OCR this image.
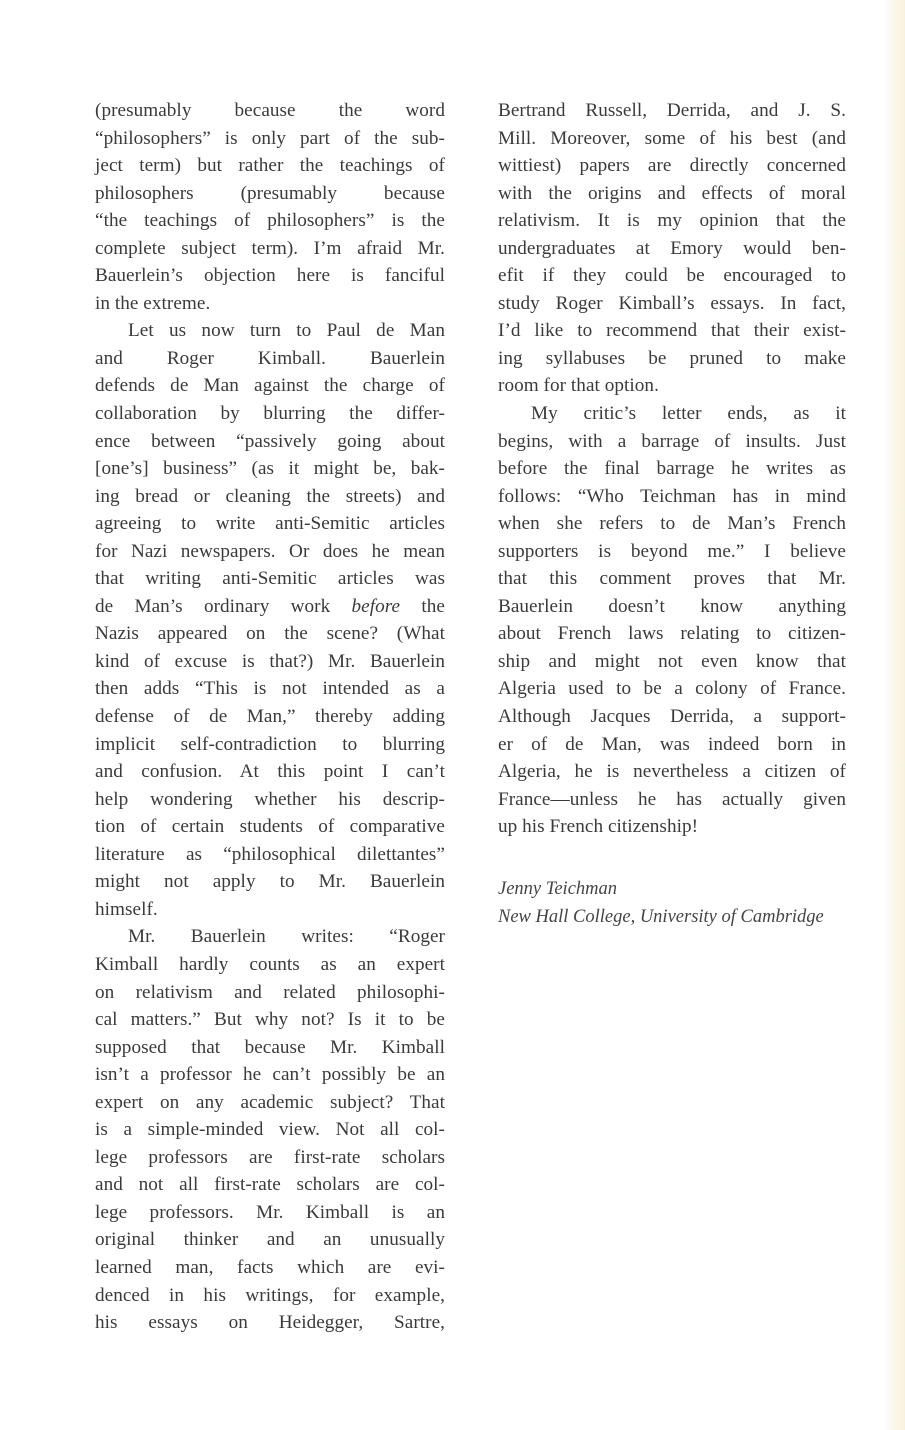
(presumably because the word
“philosophers” is only part of the sub-
ject term) but rather the teachings of
philosophers (presumably because
“the teachings of philosophers” is the
complete subject term). I’m afraid Mr.
Bauerlein’s objection here is fanciful
in the extreme.
Let us now turn to Paul de Man
and Roger Kimball. Bauerlein
defends de Man against the charge of
collaboration by blurring the differ-
ence between “passively going about
[one’s] business” (as it might be, bak-
ing bread or cleaning the streets) and
agreeing to write anti-Semitic articles
for Nazi newspapers. Or does he mean
that writing anti-Semitic articles was
de Man’s ordinary work before the
Nazis appeared on the scene? (What
kind of excuse is that?) Mr. Bauerlein
then adds “This is not intended as a
defense of de Man,” thereby adding
implicit self-contradiction to blurring
and confusion. At this point I can’t
help wondering whether his descrip-
tion of certain students of comparative
literature as “philosophical dilettantes”
might not apply to Mr. Bauerlein
himself.
Mr. Bauerlein writes: “Roger
Kimball hardly counts as an expert
on relativism and related philosophi-
cal matters.” But why not? Is it to be
supposed that because Mr. Kimball
isn’t a professor he can’t possibly be an
expert on any academic subject? That
is a simple-minded view. Not all col-
lege professors are first-rate scholars
and not all first-rate scholars are col-
lege professors. Mr. Kimball is an
original thinker and an unusually
learned man, facts which are evi-
denced in his writings, for example,
his essays on Heidegger, Sartre,
Bertrand Russell, Derrida, and J. S.
Mill. Moreover, some of his best (and
wittiest) papers are directly concerned
with the origins and effects of moral
relativism. It is my opinion that the
undergraduates at Emory would ben-
efit if they could be encouraged to
study Roger Kimball’s essays. In fact,
I’d like to recommend that their exist-
ing syllabuses be pruned to make
room for that option.
My critic’s letter ends, as it
begins, with a barrage of insults. Just
before the final barrage he writes as
follows: “Who Teichman has in mind
when she refers to de Man’s French
supporters is beyond me.” I believe
that this comment proves that Mr.
Bauerlein doesn’t know anything
about French laws relating to citizen-
ship and might not even know that
Algeria used to be a colony of France.
Although Jacques Derrida, a support-
er of de Man, was indeed born in
Algeria, he is nevertheless a citizen of
France—unless he has actually given
up his French citizenship!
Jenny Teichman
New Hall College, University of Cambridge
